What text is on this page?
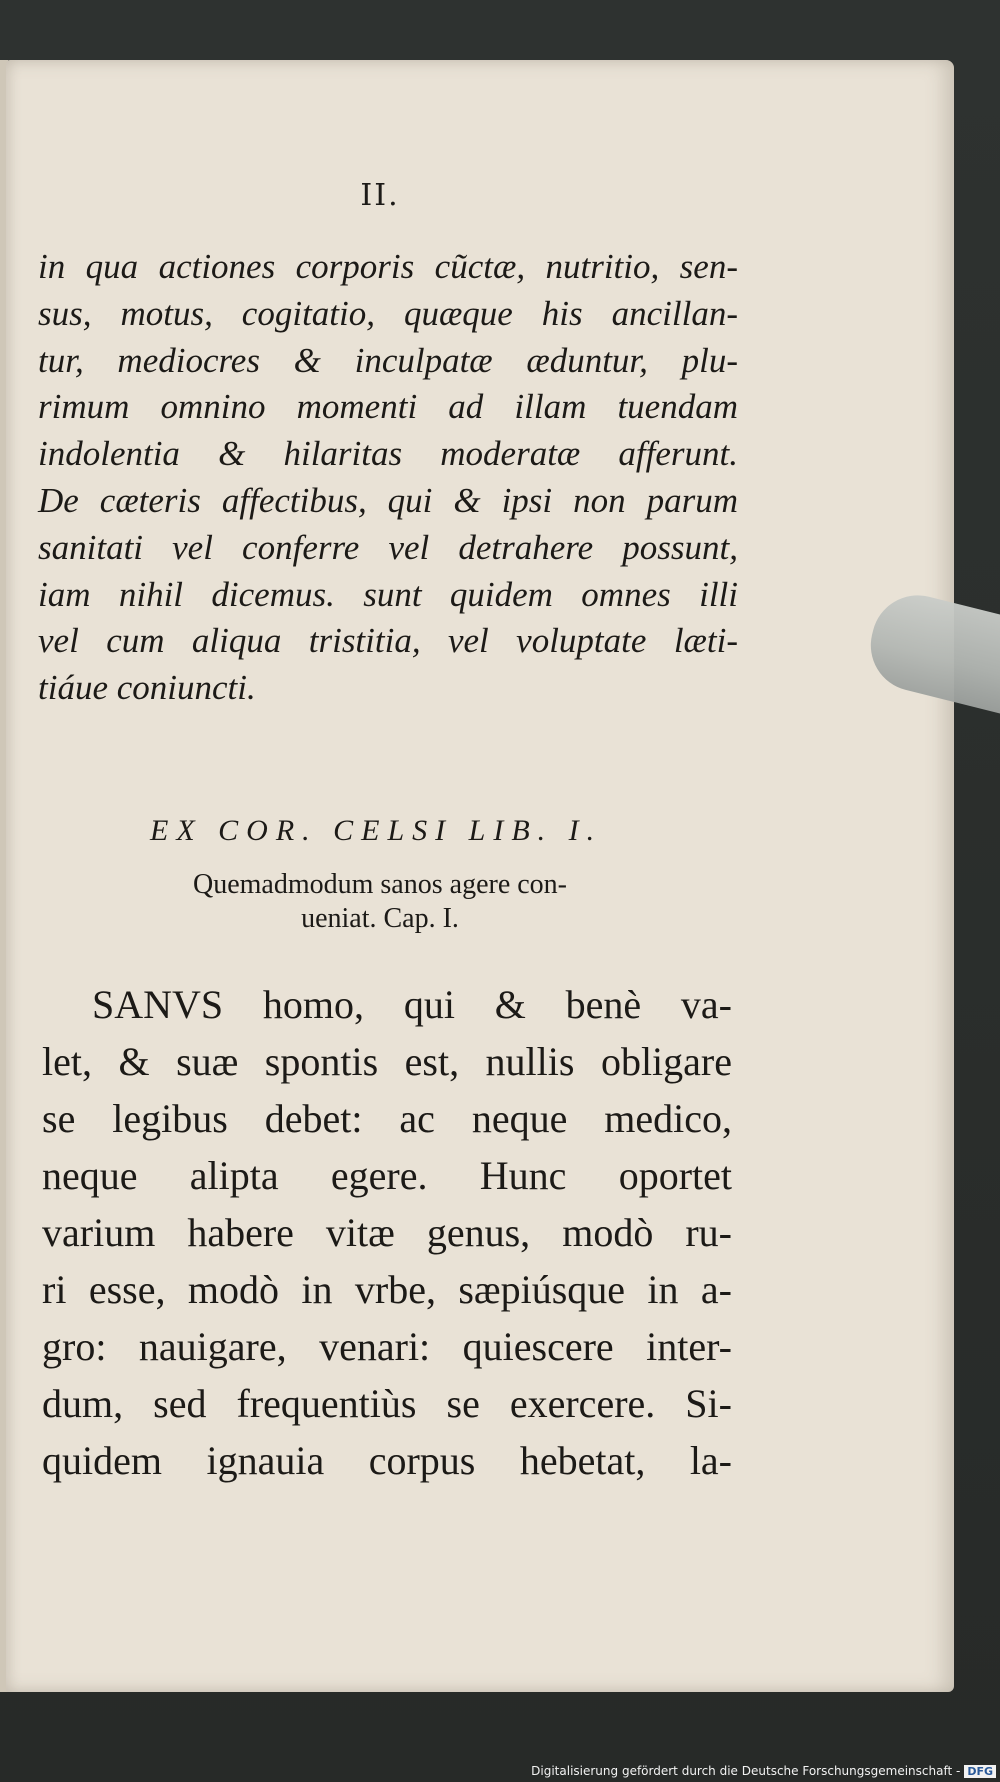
II.
in qua actiones corporis cũctæ, nutritio, sen-
sus, motus, cogitatio, quæque his ancillan-
tur, mediocres & inculpatæ æduntur, plu-
rimum omnino momenti ad illam tuendam
indolentia & hilaritas moderatæ afferunt.
De cæteris affectibus, qui & ipsi non parum
sanitati vel conferre vel detrahere possunt,
iam nihil dicemus. sunt quidem omnes illi
vel cum aliqua tristitia, vel voluptate læti-
tiáue coniuncti.
EX COR. CELSI LIB. I.
Quemadmodum sanos agere con-
ueniat. Cap. I.
SANVS homo, qui & benè va-
let, & suæ spontis est, nullis obligare
se legibus debet: ac neque medico,
neque alipta egere. Hunc oportet
varium habere vitæ genus, modò ru-
ri esse, modò in vrbe, sæpiúsque in a-
gro: nauigare, venari: quiescere inter-
dum, sed frequentiùs se exercere. Si-
quidem ignauia corpus hebetat, la-
Digitalisierung gefördert durch die Deutsche Forschungsgemeinschaft - DFG
